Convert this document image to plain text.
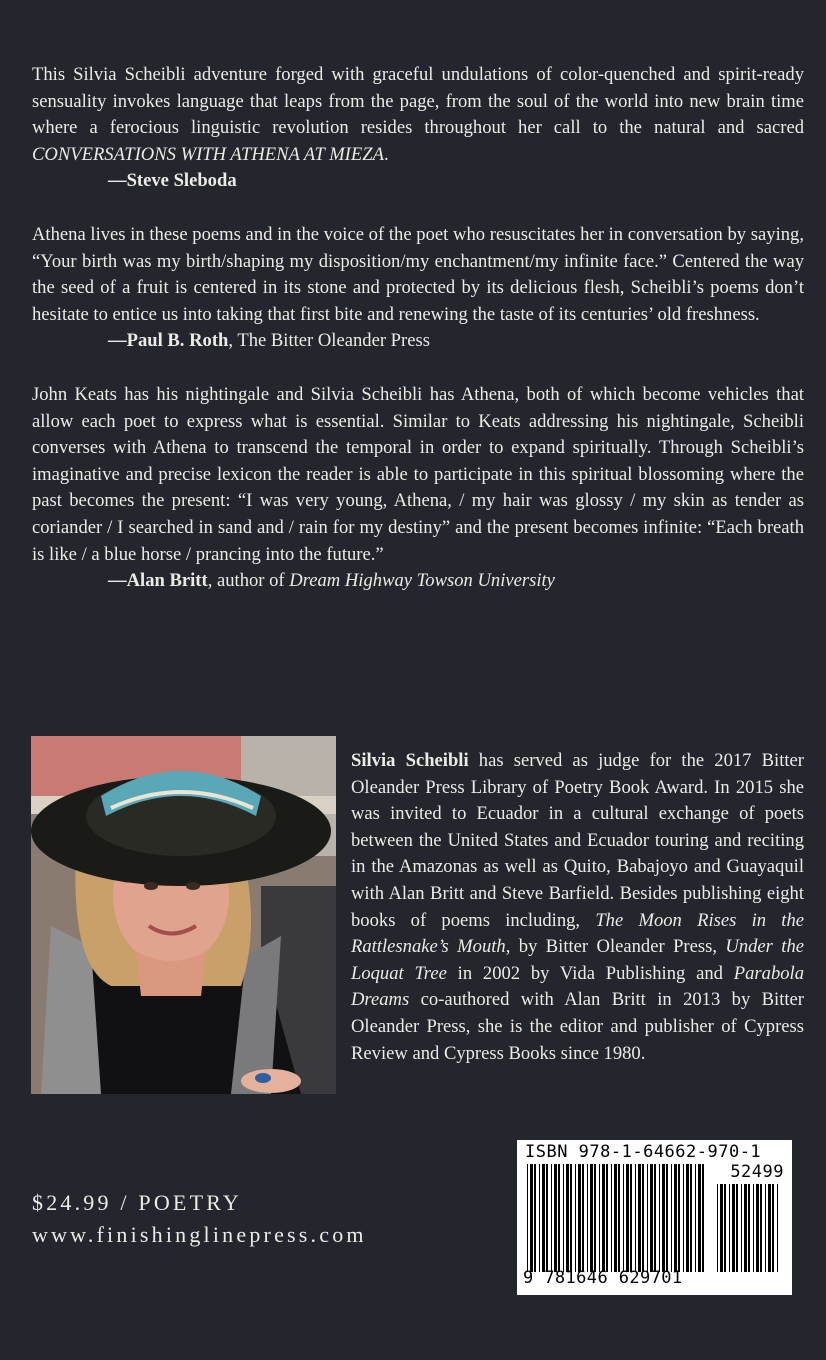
This Silvia Scheibli adventure forged with graceful undulations of color-quenched and spirit-ready sensuality invokes language that leaps from the page, from the soul of the world into new brain time where a ferocious linguistic revolution resides throughout her call to the natural and sacred CONVERSATIONS WITH ATHENA AT MIEZA.

—Steve Sleboda

Athena lives in these poems and in the voice of the poet who resuscitates her in conversation by saying, “Your birth was my birth/shaping my disposition/my enchantment/my infinite face.” Centered the way the seed of a fruit is centered in its stone and protected by its delicious flesh, Scheibli’s poems don’t hesitate to entice us into taking that first bite and renewing the taste of its centuries’ old freshness.

—Paul B. Roth, The Bitter Oleander Press

John Keats has his nightingale and Silvia Scheibli has Athena, both of which become vehicles that allow each poet to express what is essential. Similar to Keats addressing his nightingale, Scheibli converses with Athena to transcend the temporal in order to expand spiritually. Through Scheibli’s imaginative and precise lexicon the reader is able to participate in this spiritual blossoming where the past becomes the present: “I was very young, Athena, / my hair was glossy / my skin as tender as coriander / I searched in sand and / rain for my destiny” and the present becomes infinite: “Each breath is like / a blue horse / prancing into the future.”

—Alan Britt, author of Dream Highway Towson University

Silvia Scheibli has served as judge for the 2017 Bitter Oleander Press Library of Poetry Book Award. In 2015 she was invited to Ecuador in a cultural exchange of poets between the United States and Ecuador touring and reciting in the Amazonas as well as Quito, Babajoyo and Guayaquil with Alan Britt and Steve Barfield. Besides publishing eight books of poems including, The Moon Rises in the Rattlesnake’s Mouth, by Bitter Oleander Press, Under the Loquat Tree in 2002 by Vida Publishing and Parabola Dreams co-authored with Alan Britt in 2013 by Bitter Oleander Press, she is the editor and publisher of Cypress Review and Cypress Books since 1980.

$24.99 / POETRY

www.finishinglinepress.com

ISBN 978-1-64662-970-1

52499

9 781646 629701
